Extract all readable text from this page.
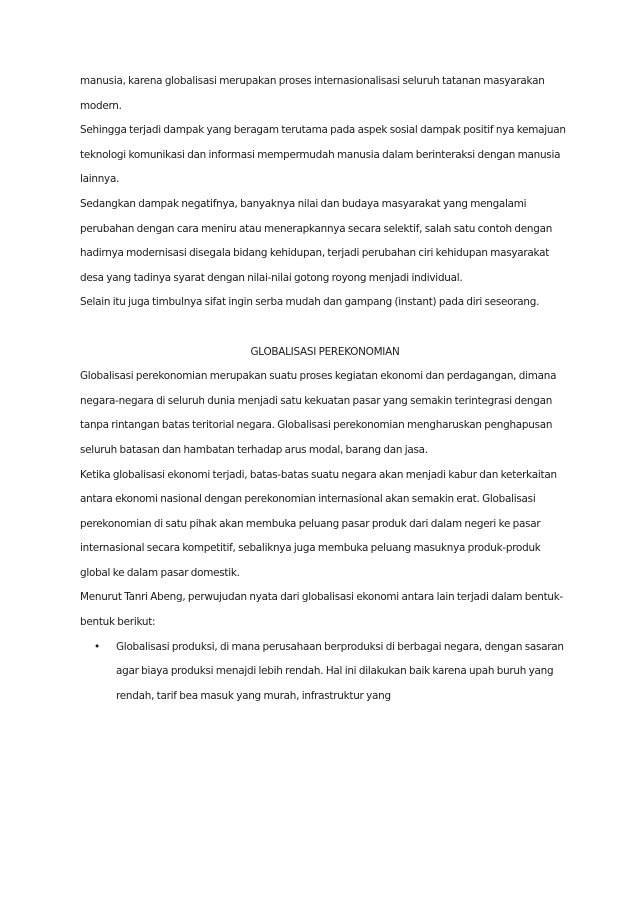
manusia, karena globalisasi merupakan proses internasionalisasi seluruh tatanan masyarakan modern.

Sehingga terjadi dampak yang beragam terutama pada aspek sosial dampak positif nya kemajuan teknologi komunikasi dan informasi mempermudah manusia dalam berinteraksi dengan manusia lainnya.

Sedangkan dampak negatifnya, banyaknya nilai dan budaya masyarakat yang mengalami perubahan dengan cara meniru atau menerapkannya secara selektif, salah satu contoh dengan hadirnya modernisasi disegala bidang kehidupan, terjadi perubahan ciri kehidupan masyarakat desa yang tadinya syarat dengan nilai-nilai gotong royong menjadi individual.

Selain itu juga timbulnya sifat ingin serba mudah dan gampang (instant) pada diri seseorang.

GLOBALISASI PEREKONOMIAN

Globalisasi perekonomian merupakan suatu proses kegiatan ekonomi dan perdagangan, dimana negara-negara di seluruh dunia menjadi satu kekuatan pasar yang semakin terintegrasi dengan tanpa rintangan batas teritorial negara. Globalisasi perekonomian mengharuskan penghapusan seluruh batasan dan hambatan terhadap arus modal, barang dan jasa.

Ketika globalisasi ekonomi terjadi, batas-batas suatu negara akan menjadi kabur dan keterkaitan antara ekonomi nasional dengan perekonomian internasional akan semakin erat. Globalisasi perekonomian di satu pihak akan membuka peluang pasar produk dari dalam negeri ke pasar internasional secara kompetitif, sebaliknya juga membuka peluang masuknya produk-produk global ke dalam pasar domestik.

Menurut Tanri Abeng, perwujudan nyata dari globalisasi ekonomi antara lain terjadi dalam bentuk-bentuk berikut:

• Globalisasi produksi, di mana perusahaan berproduksi di berbagai negara, dengan sasaran agar biaya produksi menajdi lebih rendah. Hal ini dilakukan baik karena upah buruh yang rendah, tarif bea masuk yang murah, infrastruktur yang
